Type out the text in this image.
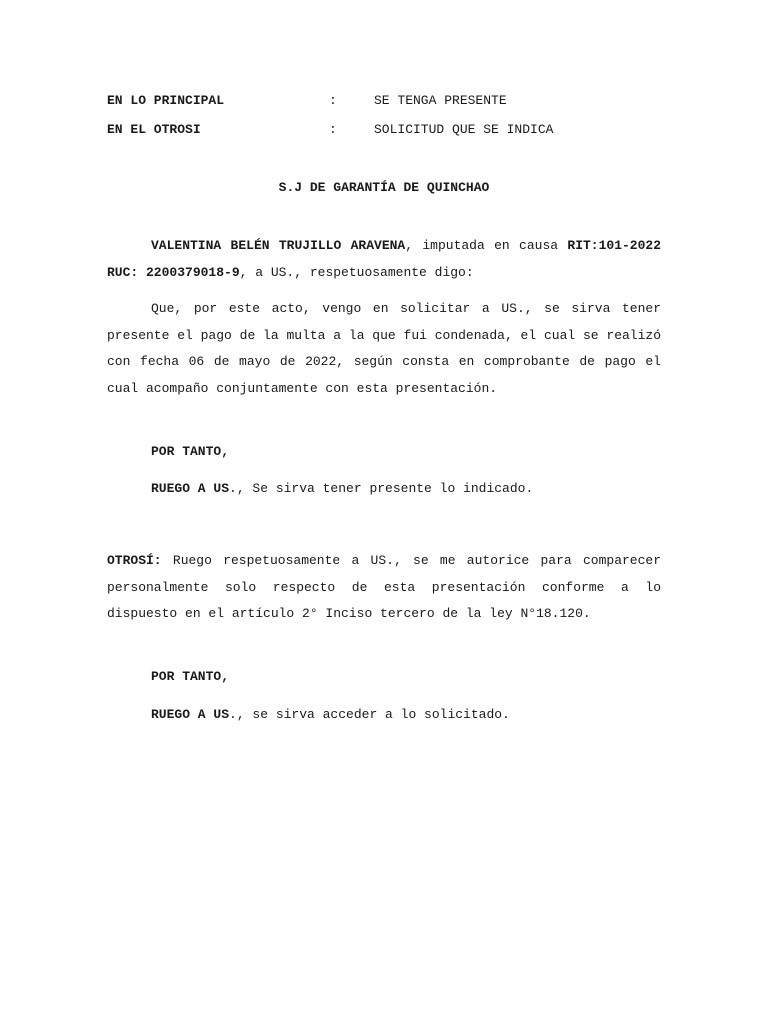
EN LO PRINCIPAL	:	SE TENGA PRESENTE
EN EL OTROSI	:	SOLICITUD QUE SE INDICA
S.J DE GARANTÍA DE QUINCHAO

VALENTINA BELÉN TRUJILLO ARAVENA, imputada en causa RIT:101-2022 RUC: 2200379018-9, a US., respetuosamente digo:

Que, por este acto, vengo en solicitar a US., se sirva tener presente el pago de la multa a la que fui condenada, el cual se realizó con fecha 06 de mayo de 2022, según consta en comprobante de pago el cual acompaño conjuntamente con esta presentación.

POR TANTO,
RUEGO A US., Se sirva tener presente lo indicado.

OTROSÍ: Ruego respetuosamente a US., se me autorice para comparecer personalmente solo respecto de esta presentación conforme a lo dispuesto en el artículo 2° Inciso tercero de la ley N°18.120.

POR TANTO,
RUEGO A US., se sirva acceder a lo solicitado.
